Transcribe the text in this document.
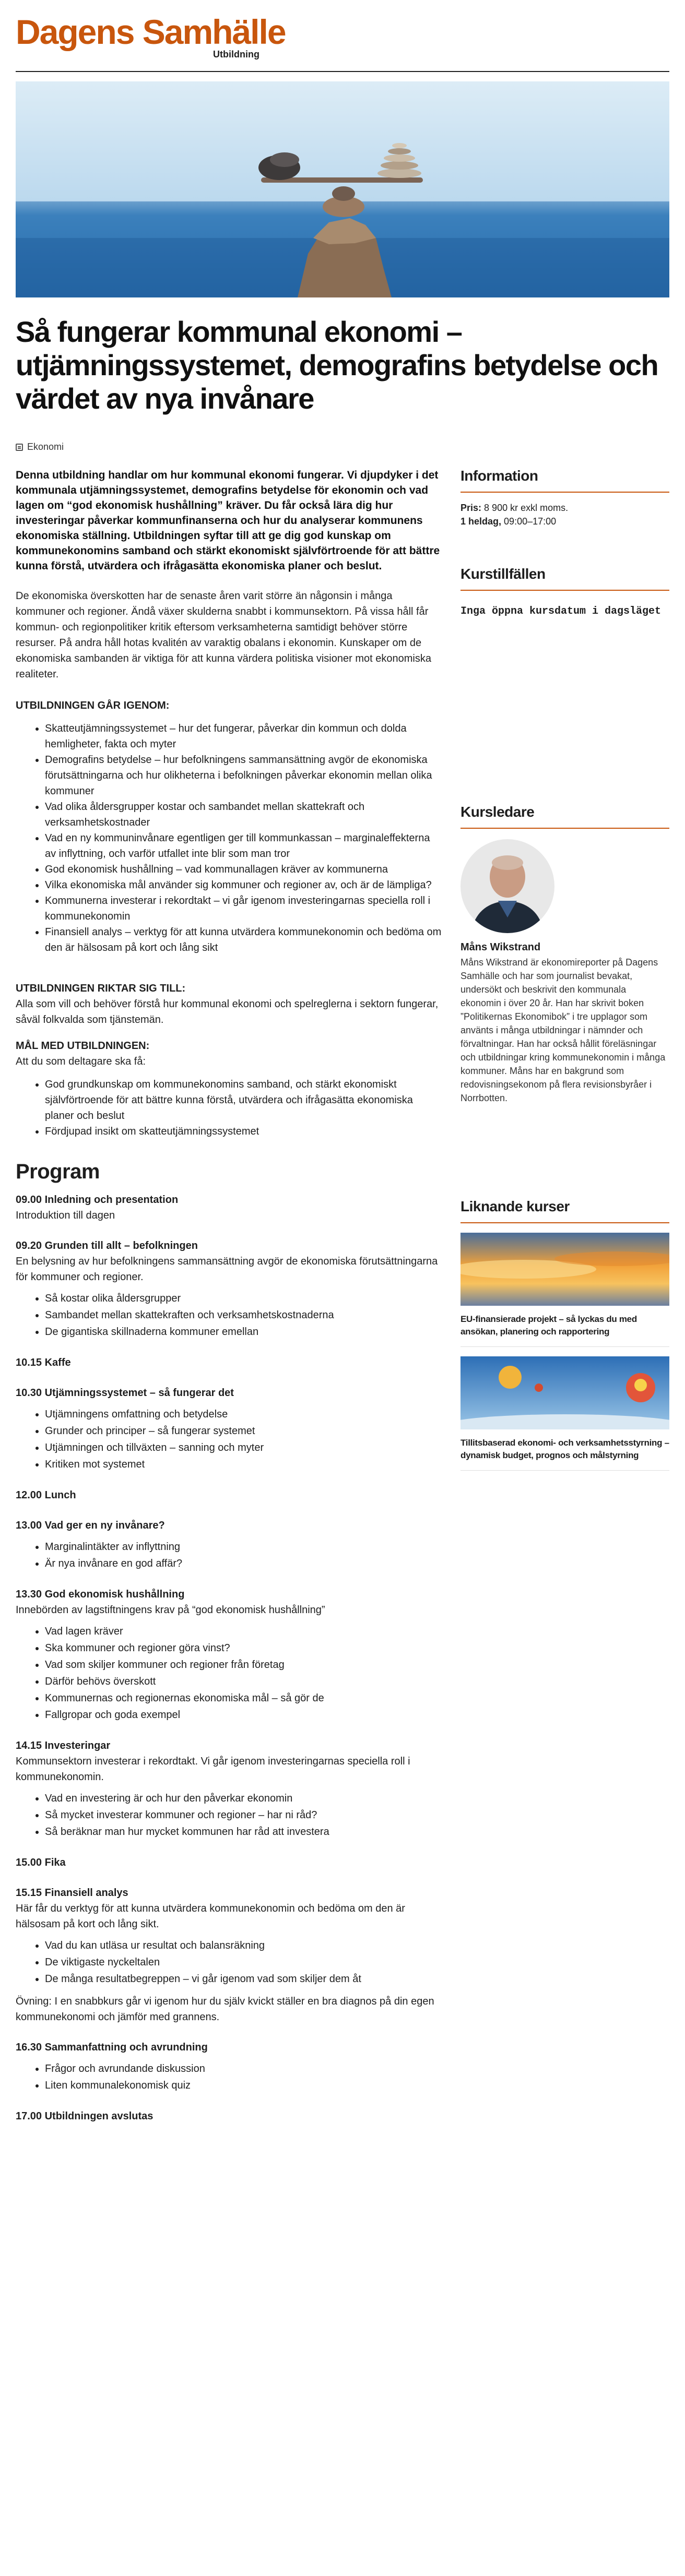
Dagens Samhälle
Utbildning
Så fungerar kommunal ekonomi – utjämningssystemet, demografins betydelse och värdet av nya invånare
Ekonomi

Denna utbildning handlar om hur kommunal ekonomi fungerar. Vi djupdyker i det kommunala utjämningssystemet, demografins betydelse för ekonomin och vad lagen om “god ekonomisk hushållning” kräver. Du får också lära dig hur investeringar påverkar kommunfinanserna och hur du analyserar kommunens ekonomiska ställning. Utbildningen syftar till att ge dig god kunskap om kommunekonomins samband och stärkt ekonomiskt självförtroende för att bättre kunna förstå, utvärdera och ifrågasätta ekonomiska planer och beslut.

De ekonomiska överskotten har de senaste åren varit större än någonsin i många kommuner och regioner. Ändå växer skulderna snabbt i kommunsektorn. På vissa håll får kommun- och regionpolitiker kritik eftersom verksamheterna samtidigt behöver större resurser. På andra håll hotas kvalitén av varaktig obalans i ekonomin. Kunskaper om de ekonomiska sambanden är viktiga för att kunna värdera politiska visioner mot ekonomiska realiteter.

UTBILDNINGEN GÅR IGENOM:

• Skatteutjämningssystemet – hur det fungerar, påverkar din kommun och dolda hemligheter, fakta och myter
• Demografins betydelse – hur befolkningens sammansättning avgör de ekonomiska förutsättningarna och hur olikheterna i befolkningen påverkar ekonomin mellan olika kommuner
• Vad olika åldersgrupper kostar och sambandet mellan skattekraft och verksamhetskostnader
• Vad en ny kommuninvånare egentligen ger till kommunkassan – marginaleffekterna av inflyttning, och varför utfallet inte blir som man tror
• God ekonomisk hushållning – vad kommunallagen kräver av kommunerna
• Vilka ekonomiska mål använder sig kommuner och regioner av, och är de lämpliga?
• Kommunerna investerar i rekordtakt – vi går igenom investeringarnas speciella roll i kommunekonomin
• Finansiell analys – verktyg för att kunna utvärdera kommunekonomin och bedöma om den är hälsosam på kort och lång sikt

UTBILDNINGEN RIKTAR SIG TILL:

Alla som vill och behöver förstå hur kommunal ekonomi och spelreglerna i sektorn fungerar, såväl folkvalda som tjänstemän.

MÅL MED UTBILDNINGEN:

Att du som deltagare ska få:

• God grundkunskap om kommunekonomins samband, och stärkt ekonomiskt självförtroende för att bättre kunna förstå, utvärdera och ifrågasätta ekonomiska planer och beslut
• Fördjupad insikt om skatteutjämningssystemet
Program
09.00 Inledning och presentation
Introduktion till dagen
09.20 Grunden till allt – befolkningen
En belysning av hur befolkningens sammansättning avgör de ekonomiska förutsättningarna för kommuner och regioner.
• Så kostar olika åldersgrupper
• Sambandet mellan skattekraften och verksamhetskostnaderna
• De gigantiska skillnaderna kommuner emellan
10.15 Kaffe
10.30 Utjämningssystemet – så fungerar det
• Utjämningens omfattning och betydelse
• Grunder och principer – så fungerar systemet
• Utjämningen och tillväxten – sanning och myter
• Kritiken mot systemet
12.00 Lunch
13.00 Vad ger en ny invånare?
• Marginalintäkter av inflyttning
• Är nya invånare en god affär?
13.30 God ekonomisk hushållning
Innebörden av lagstiftningens krav på “god ekonomisk hushållning”
• Vad lagen kräver
• Ska kommuner och regioner göra vinst?
• Vad som skiljer kommuner och regioner från företag
• Därför behövs överskott
• Kommunernas och regionernas ekonomiska mål – så gör de
• Fallgropar och goda exempel
14.15 Investeringar
Kommunsektorn investerar i rekordtakt. Vi går igenom investeringarnas speciella roll i kommunekonomin.
• Vad en investering är och hur den påverkar ekonomin
• Så mycket investerar kommuner och regioner – har ni råd?
• Så beräknar man hur mycket kommunen har råd att investera
15.00 Fika
15.15 Finansiell analys
Här får du verktyg för att kunna utvärdera kommunekonomin och bedöma om den är hälsosam på kort och lång sikt.
• Vad du kan utläsa ur resultat och balansräkning
• De viktigaste nyckeltalen
• De många resultatbegreppen – vi går igenom vad som skiljer dem åt
Övning: I en snabbkurs går vi igenom hur du själv kvickt ställer en bra diagnos på din egen kommunekonomi och jämför med grannens.
16.30 Sammanfattning och avrundning
• Frågor och avrundande diskussion
• Liten kommunalekonomisk quiz
17.00 Utbildningen avslutas
Information
Pris: 8 900 kr exkl moms.
1 heldag, 09:00–17:00
Kurstillfällen
Inga öppna kursdatum i dagsläget
Kursledare
Måns Wikstrand
Måns Wikstrand är ekonomireporter på Dagens Samhälle och har som journalist bevakat, undersökt och beskrivit den kommunala ekonomin i över 20 år. Han har skrivit boken ”Politikernas Ekonomibok” i tre upplagor som använts i många utbildningar i nämnder och förvaltningar. Han har också hållit föreläsningar och utbildningar kring kommunekonomin i många kommuner. Måns har en bakgrund som redovisningsekonom på flera revisionsbyråer i Norrbotten.
Liknande kurser
EU-finansierade projekt – så lyckas du med ansökan, planering och rapportering
Tillitsbaserad ekonomi- och verksamhetsstyrning – dynamisk budget, prognos och målstyrning
